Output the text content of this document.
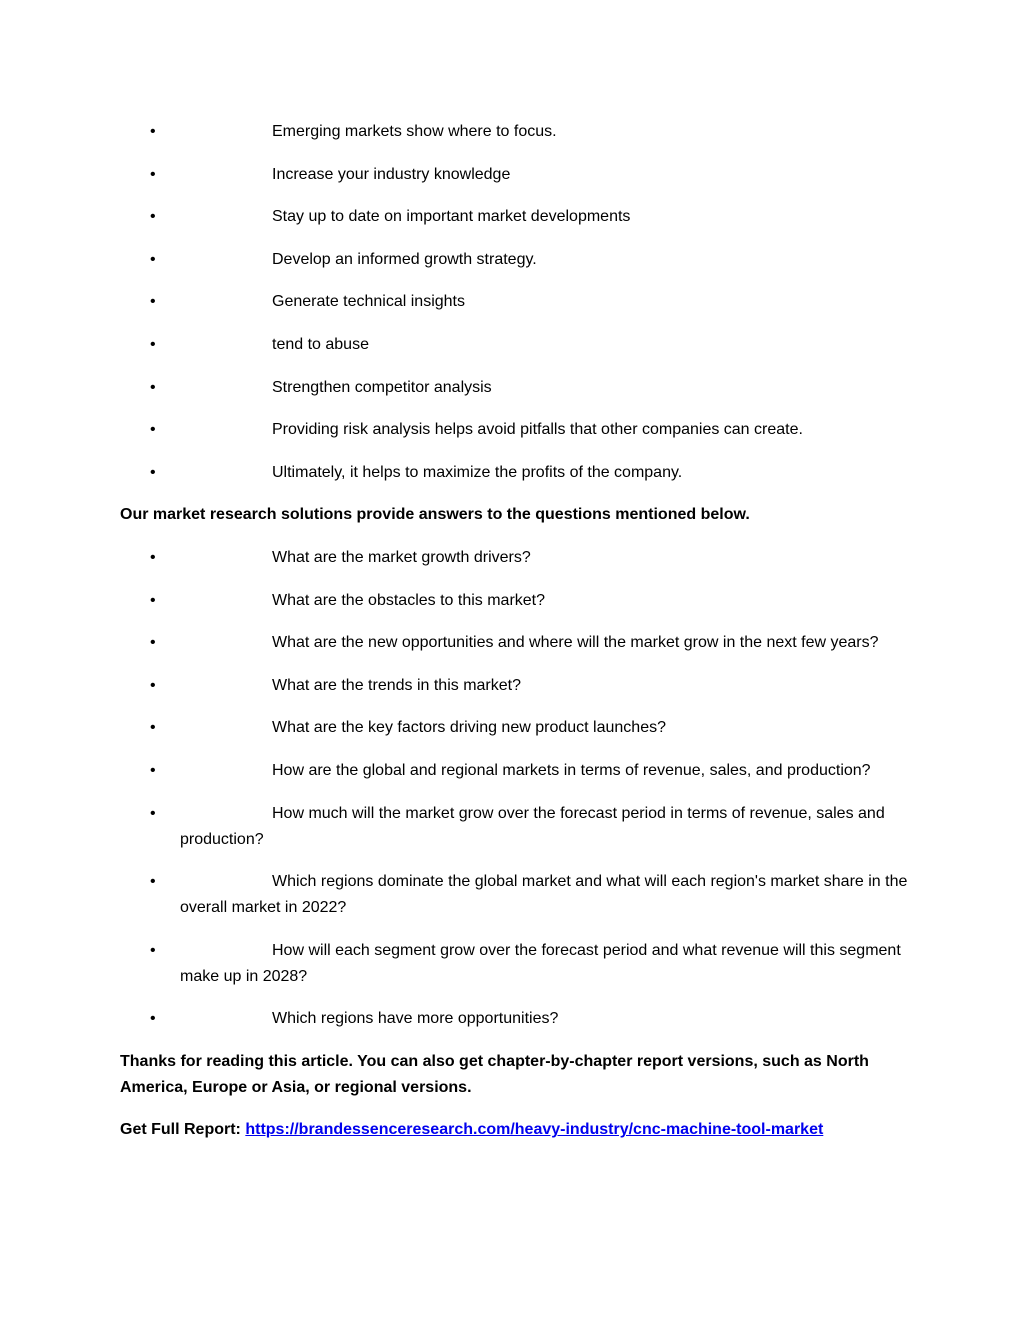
•	Emerging markets show where to focus.
•	Increase your industry knowledge
•	Stay up to date on important market developments
•	Develop an informed growth strategy.
•	Generate technical insights
•	tend to abuse
•	Strengthen competitor analysis
•	Providing risk analysis helps avoid pitfalls that other companies can create.
•	Ultimately, it helps to maximize the profits of the company.

Our market research solutions provide answers to the questions mentioned below.

•	What are the market growth drivers?
•	What are the obstacles to this market?
•	What are the new opportunities and where will the market grow in the next few years?
•	What are the trends in this market?
•	What are the key factors driving new product launches?
•	How are the global and regional markets in terms of revenue, sales, and production?
•	How much will the market grow over the forecast period in terms of revenue, sales and production?
•	Which regions dominate the global market and what will each region's market share in the overall market in 2022?
•	How will each segment grow over the forecast period and what revenue will this segment make up in 2028?
•	Which regions have more opportunities?

Thanks for reading this article. You can also get chapter-by-chapter report versions, such as North America, Europe or Asia, or regional versions.

Get Full Report: https://brandessenceresearch.com/heavy-industry/cnc-machine-tool-market
